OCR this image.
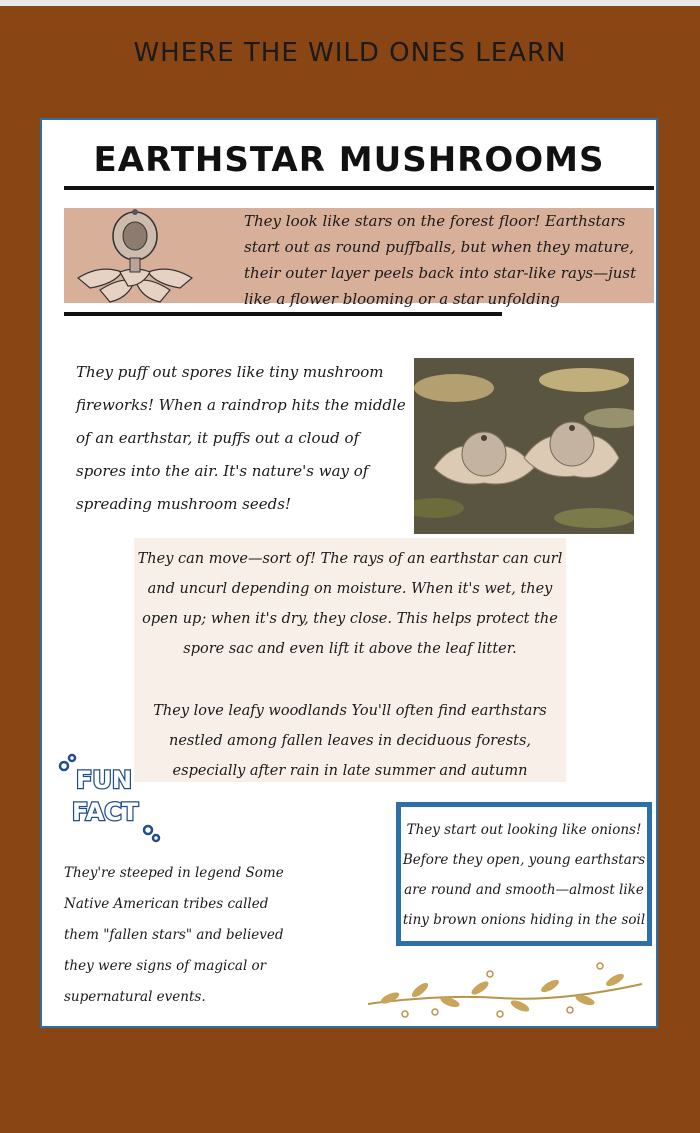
WHERE THE WILD ONES LEARN
EARTHSTAR MUSHROOMS
They look like stars on the forest floor! Earthstars start out as round puffballs, but when they mature, their outer layer peels back into star-like rays—just like a flower blooming or a star unfolding
They puff out spores like tiny mushroom fireworks! When a raindrop hits the middle of an earthstar, it puffs out a cloud of spores into the air. It's nature's way of spreading mushroom seeds!
They can move—sort of! The rays of an earthstar can curl and uncurl depending on moisture. When it's wet, they open up; when it's dry, they close. This helps protect the spore sac and even lift it above the leaf litter.
They love leafy woodlands You'll often find earthstars nestled among fallen leaves in deciduous forests, especially after rain in late summer and autumn
FUN
FACT
They're steeped in legend Some Native American tribes called them "fallen stars" and believed they were signs of magical or supernatural events.
They start out looking like onions! Before they open, young earthstars are round and smooth—almost like tiny brown onions hiding in the soil
